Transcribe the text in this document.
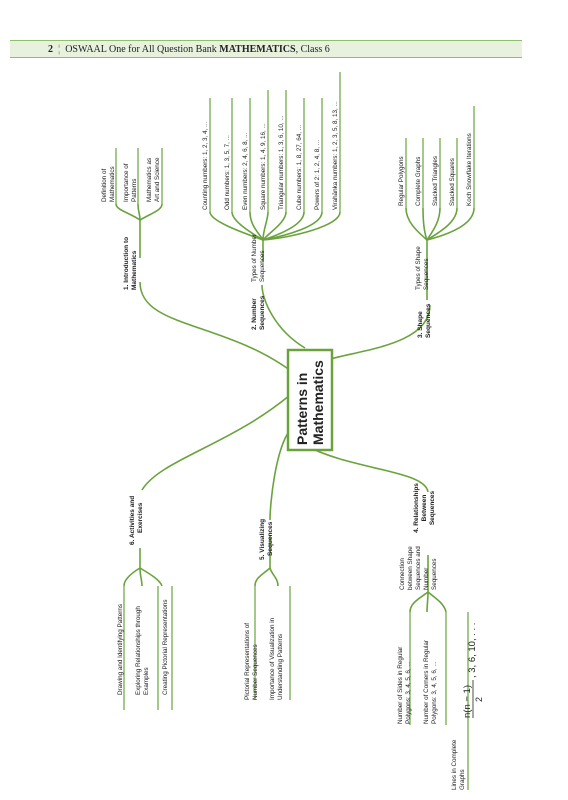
2 ¦ OSWAAL One for All Question Bank
MATHEMATICS , Class 6
Patterns in Mathematics
1. Introduction to Mathematics
Definition of Mathematics Importance of Patterns Mathematics as Art and Science
2. Number Sequences
Types of Number Sequences
Counting numbers: 1, 2, 3, 4, ... Odd numbers: 1, 3, 5, 7, ... Even numbers: 2, 4, 6, 8, ... Square numbers: 1, 4, 9, 16, ... Triangular numbers: 1, 3, 6, 10, ... Cube numbers: 1, 8, 27, 64, ... Powers of 2: 1, 2, 4, 8, ... Virahānka numbers: 1, 2, 3, 5, 8, 13, ...
3. Shape Sequences
Types of Shape Sequences
Regular Polygons Complete Graphs Stacked Triangles Stacked Squares Koch Snowflake Iterations
4. Relationships Between Sequences
Connection between Shape Sequences and Number Sequences
Number of Sides in Regular Polygons: 3, 4, 5, 6, ... Number of Corners in Regular Polygons: 3, 4, 5, 6, ...
Lines in Complete Graphs
n(n − 1) 2
, 3, 6, 10, . . .
5. Visualizing Sequences
Pictorial Representations of Number Sequences Importance of Visualization in Understanding Patterns
6. Activities and Exercises
Drawing and Identifying Patterns Exploring Relationships through Examples Creating Pictorial Representations
